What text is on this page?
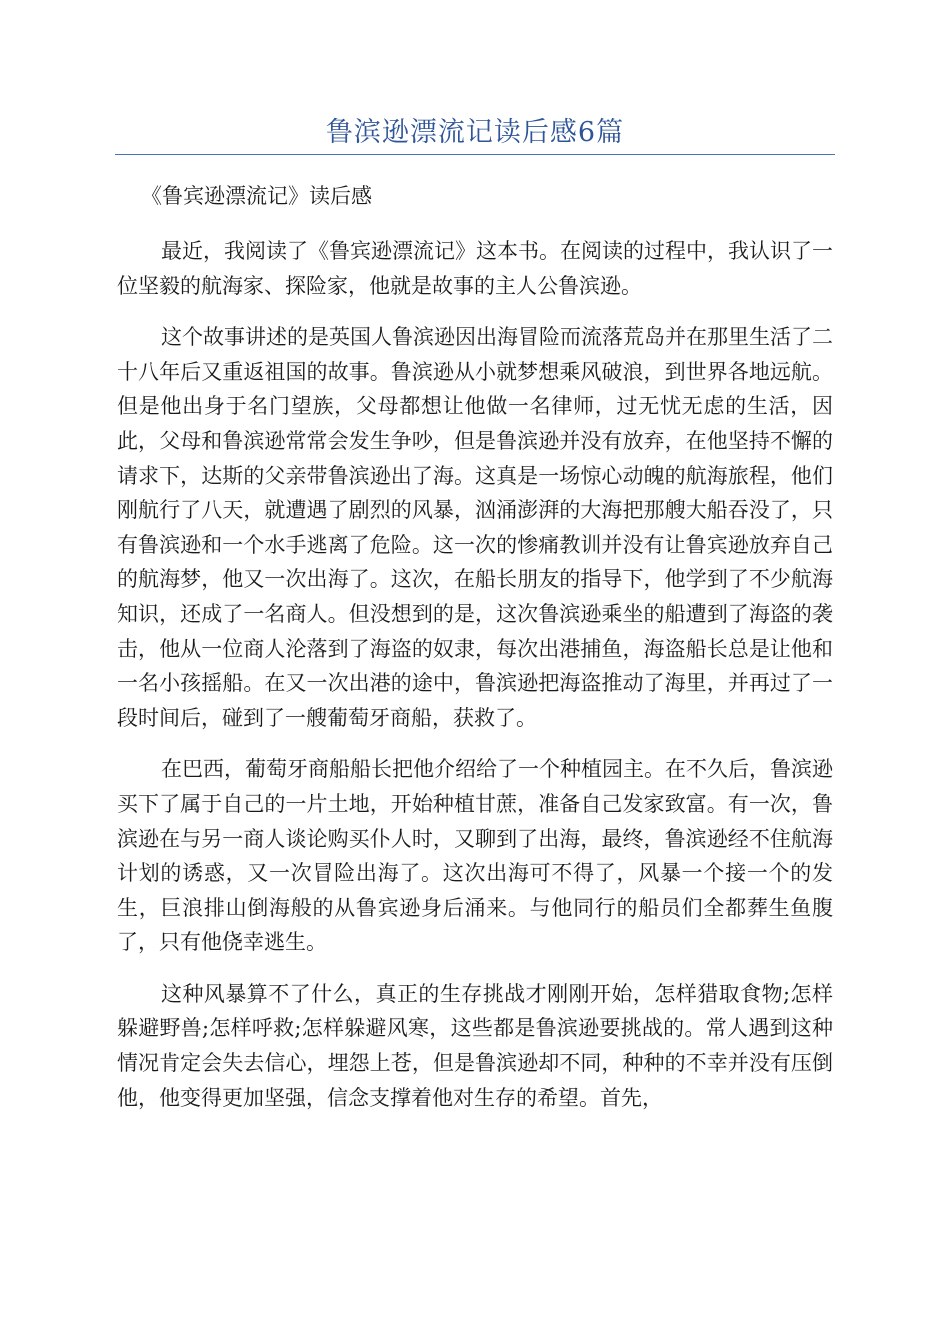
鲁滨逊漂流记读后感6篇

《鲁宾逊漂流记》读后感

最近，我阅读了《鲁宾逊漂流记》这本书。在阅读的过程中，我认识了一位坚毅的航海家、探险家，他就是故事的主人公鲁滨逊。

这个故事讲述的是英国人鲁滨逊因出海冒险而流落荒岛并在那里生活了二十八年后又重返祖国的故事。鲁滨逊从小就梦想乘风破浪，到世界各地远航。但是他出身于名门望族，父母都想让他做一名律师，过无忧无虑的生活，因此，父母和鲁滨逊常常会发生争吵，但是鲁滨逊并没有放弃，在他坚持不懈的请求下，达斯的父亲带鲁滨逊出了海。这真是一场惊心动魄的航海旅程，他们刚航行了八天，就遭遇了剧烈的风暴，汹涌澎湃的大海把那艘大船吞没了，只有鲁滨逊和一个水手逃离了危险。这一次的惨痛教训并没有让鲁宾逊放弃自己的航海梦，他又一次出海了。这次，在船长朋友的指导下，他学到了不少航海知识，还成了一名商人。但没想到的是，这次鲁滨逊乘坐的船遭到了海盗的袭击，他从一位商人沦落到了海盗的奴隶，每次出港捕鱼，海盗船长总是让他和一名小孩摇船。在又一次出港的途中，鲁滨逊把海盗推动了海里，并再过了一段时间后，碰到了一艘葡萄牙商船，获救了。

在巴西，葡萄牙商船船长把他介绍给了一个种植园主。在不久后，鲁滨逊买下了属于自己的一片土地，开始种植甘蔗，准备自己发家致富。有一次，鲁滨逊在与另一商人谈论购买仆人时，又聊到了出海，最终，鲁滨逊经不住航海计划的诱惑，又一次冒险出海了。这次出海可不得了，风暴一个接一个的发生，巨浪排山倒海般的从鲁宾逊身后涌来。与他同行的船员们全都葬生鱼腹了，只有他侥幸逃生。

这种风暴算不了什么，真正的生存挑战才刚刚开始，怎样猎取食物;怎样躲避野兽;怎样呼救;怎样躲避风寒，这些都是鲁滨逊要挑战的。常人遇到这种情况肯定会失去信心，埋怨上苍，但是鲁滨逊却不同，种种的不幸并没有压倒他，他变得更加坚强，信念支撑着他对生存的希望。首先，
